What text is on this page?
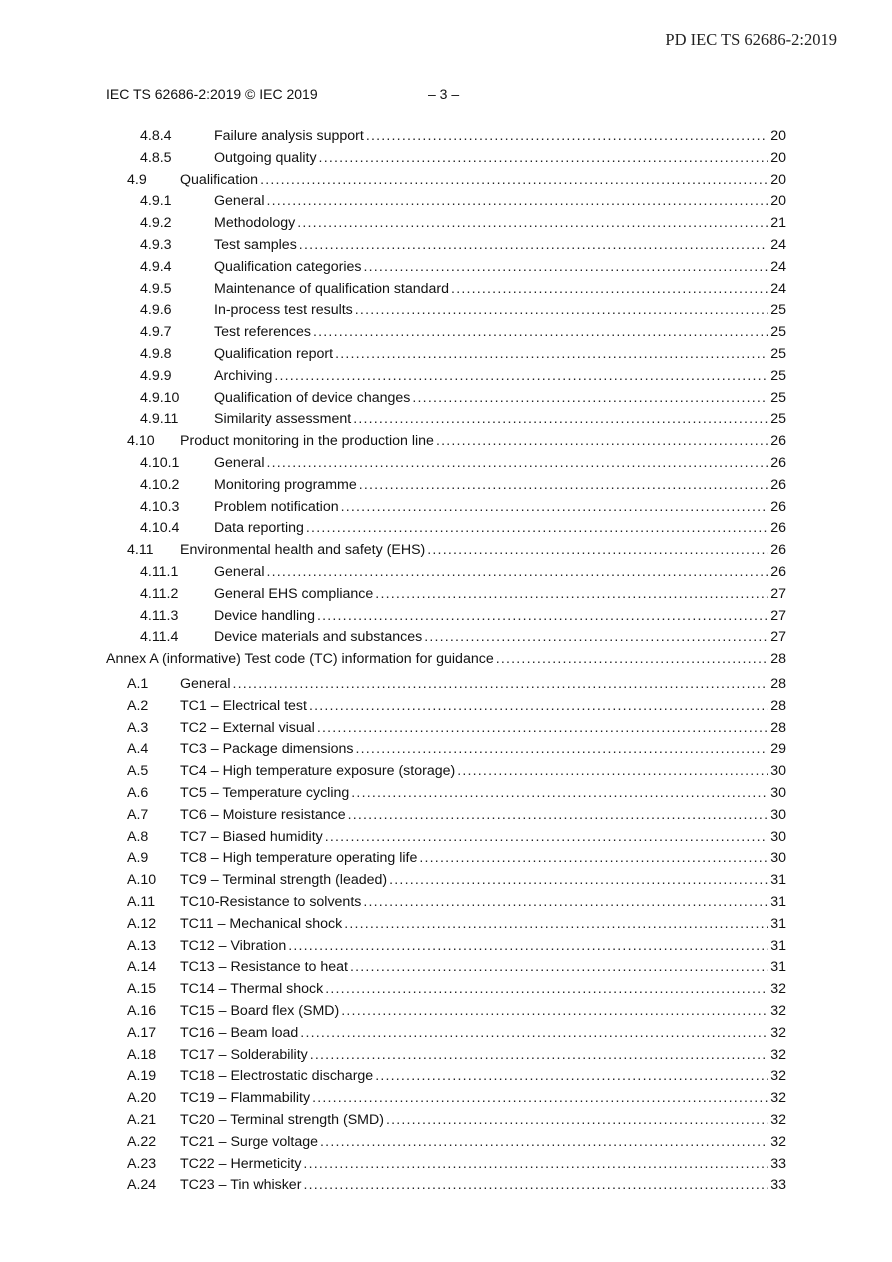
PD IEC TS 62686-2:2019
IEC TS 62686-2:2019 © IEC 2019	– 3 –
4.8.4	Failure analysis support .....	20
4.8.5	Outgoing quality .....	20
4.9	Qualification .....	20
4.9.1	General .....	20
4.9.2	Methodology .....	21
4.9.3	Test samples .....	24
4.9.4	Qualification categories .....	24
4.9.5	Maintenance of qualification standard .....	24
4.9.6	In-process test results .....	25
4.9.7	Test references .....	25
4.9.8	Qualification report .....	25
4.9.9	Archiving .....	25
4.9.10	Qualification of device changes .....	25
4.9.11	Similarity assessment .....	25
4.10	Product monitoring in the production line .....	26
4.10.1	General .....	26
4.10.2	Monitoring programme .....	26
4.10.3	Problem notification .....	26
4.10.4	Data reporting .....	26
4.11	Environmental health and safety (EHS) .....	26
4.11.1	General .....	26
4.11.2	General EHS compliance .....	27
4.11.3	Device handling .....	27
4.11.4	Device materials and substances .....	27
Annex A (informative) Test code (TC) information for guidance .....	28
A.1	General .....	28
A.2	TC1 – Electrical test .....	28
A.3	TC2 – External visual .....	28
A.4	TC3 – Package dimensions .....	29
A.5	TC4 – High temperature exposure (storage) .....	30
A.6	TC5 – Temperature cycling .....	30
A.7	TC6 – Moisture resistance .....	30
A.8	TC7 – Biased humidity .....	30
A.9	TC8 – High temperature operating life .....	30
A.10	TC9 – Terminal strength (leaded) .....	31
A.11	TC10-Resistance to solvents .....	31
A.12	TC11 – Mechanical shock .....	31
A.13	TC12 – Vibration .....	31
A.14	TC13 – Resistance to heat .....	31
A.15	TC14 – Thermal shock .....	32
A.16	TC15 – Board flex (SMD) .....	32
A.17	TC16 – Beam load .....	32
A.18	TC17 – Solderability .....	32
A.19	TC18 – Electrostatic discharge .....	32
A.20	TC19 – Flammability .....	32
A.21	TC20 – Terminal strength (SMD) .....	32
A.22	TC21 – Surge voltage .....	32
A.23	TC22 – Hermeticity .....	33
A.24	TC23 – Tin whisker .....	33
